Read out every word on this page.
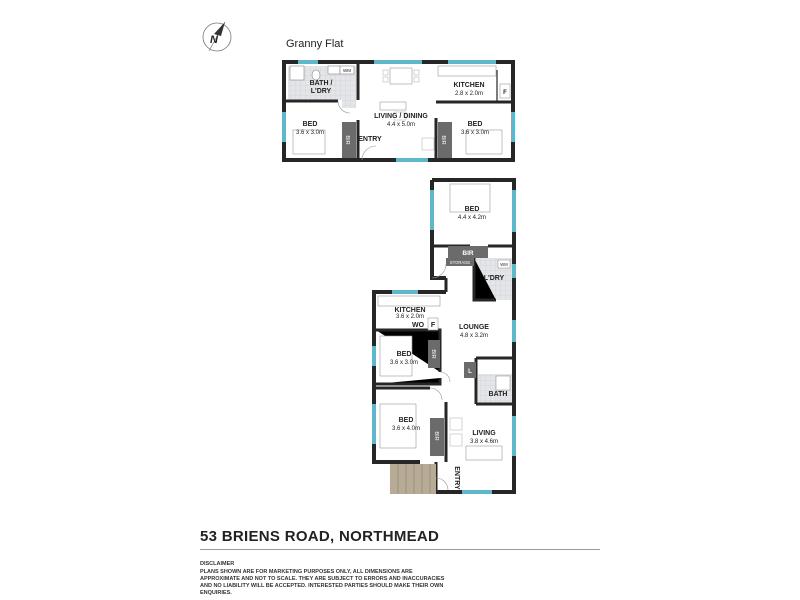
N
WM
BATH /
L'DRY
BED
3.6 x 3.0m
BED
3.6 x 3.0m
BIR	BIR
LIVING / DINING
4.4 x 5.0m
F
KITCHEN
2.8 x 2.0m
ENTRY
BED
4.4 x 4.2m
BIR
STORAGE	WM
L'DRY
KITCHEN
3.6 x 2.0m
WO F	LOUNGE
4.8 x 3.2m
BED
3.6 x 3.0m
BIR
L
BATH
BED
3.6 x 4.0m
BIR	LIVING
3.8 x 4.6m
ENTRY
Granny Flat
53 BRIENS ROAD, NORTHMEAD
DISCLAIMER
PLANS SHOWN ARE FOR MARKETING PURPOSES ONLY, ALL DIMENSIONS ARE APPROXIMATE AND NOT TO SCALE. THEY ARE SUBJECT TO ERRORS AND INACCURACIES AND NO LIABILITY WILL BE ACCEPTED. INTERESTED PARTIES SHOULD MAKE THEIR OWN ENQUIRIES.
